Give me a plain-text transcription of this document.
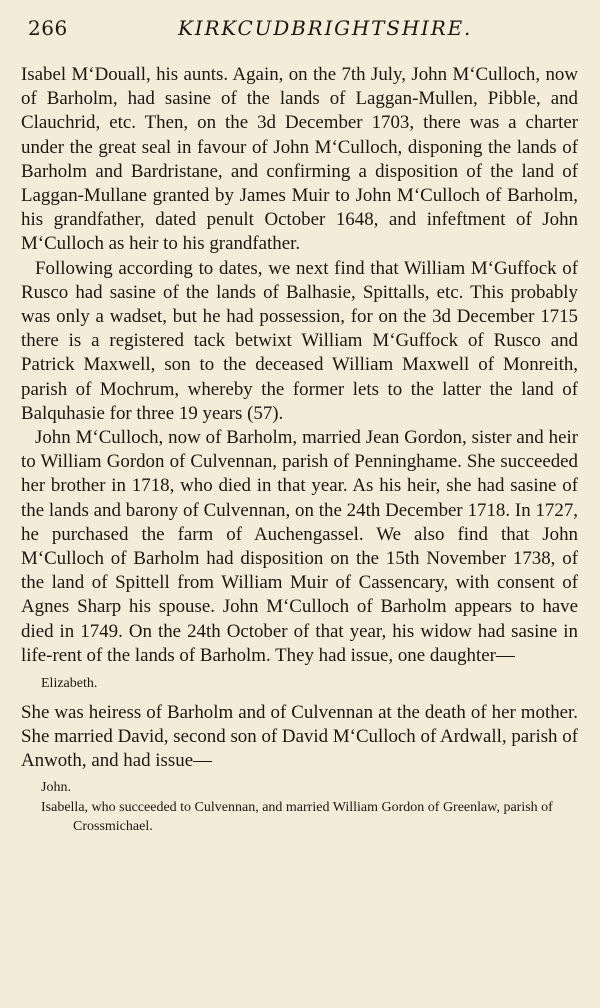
266	KIRKCUDBRIGHTSHIRE.

Isabel M‘Douall, his aunts. Again, on the 7th July, John M‘Culloch, now of Barholm, had sasine of the lands of Laggan-Mullen, Pibble, and Clauchrid, etc. Then, on the 3d December 1703, there was a charter under the great seal in favour of John M‘Culloch, disponing the lands of Barholm and Bardristane, and confirming a disposition of the land of Laggan-Mullane granted by James Muir to John M‘Culloch of Barholm, his grandfather, dated penult October 1648, and infeftment of John M‘Culloch as heir to his grandfather.

Following according to dates, we next find that William M‘Guffock of Rusco had sasine of the lands of Balhasie, Spittalls, etc. This probably was only a wadset, but he had possession, for on the 3d December 1715 there is a registered tack betwixt William M‘Guffock of Rusco and Patrick Maxwell, son to the deceased William Maxwell of Monreith, parish of Mochrum, whereby the former lets to the latter the land of Balquhasie for three 19 years (57).

John M‘Culloch, now of Barholm, married Jean Gordon, sister and heir to William Gordon of Culvennan, parish of Penninghame. She succeeded her brother in 1718, who died in that year. As his heir, she had sasine of the lands and barony of Culvennan, on the 24th December 1718. In 1727, he purchased the farm of Auchengassel. We also find that John M‘Culloch of Barholm had disposition on the 15th November 1738, of the land of Spittell from William Muir of Cassencary, with consent of Agnes Sharp his spouse. John M‘Culloch of Barholm appears to have died in 1749. On the 24th October of that year, his widow had sasine in life-rent of the lands of Barholm. They had issue, one daughter—

Elizabeth.

She was heiress of Barholm and of Culvennan at the death of her mother. She married David, second son of David M‘Culloch of Ardwall, parish of Anwoth, and had issue—

John.

Isabella, who succeeded to Culvennan, and married William Gordon of Greenlaw, parish of Crossmichael.
